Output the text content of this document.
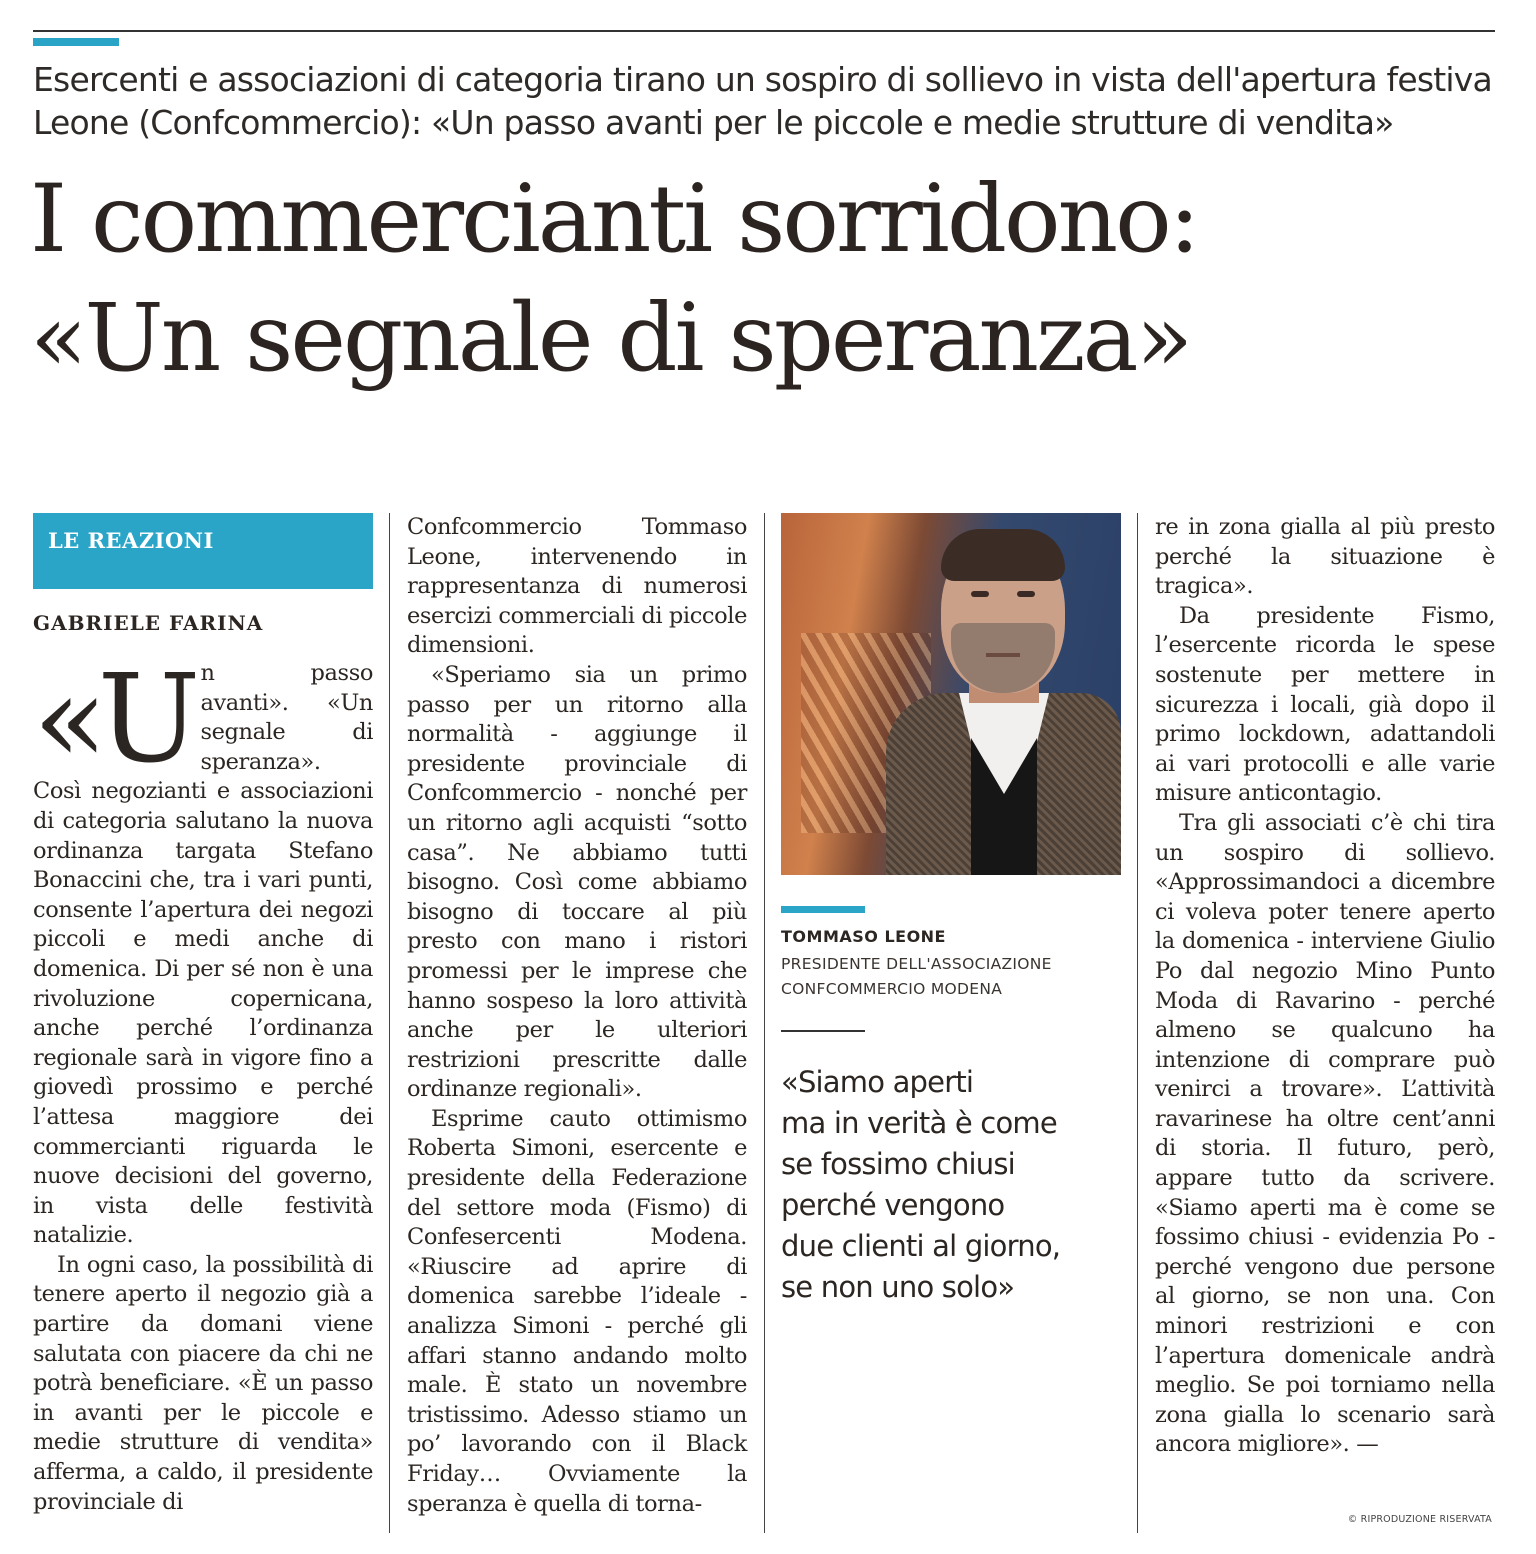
Esercenti e associazioni di categoria tirano un sospiro di sollievo in vista dell'apertura festiva
Leone (Confcommercio): «Un passo avanti per le piccole e medie strutture di vendita»
I commercianti sorridono:
«Un segnale di speranza»
LE REAZIONI
GABRIELE FARINA

«Un passo avanti». «Un segnale di speranza». Così negozianti e associazioni di categoria salutano la nuova ordinanza targata Stefano Bonaccini che, tra i vari punti, consente l’apertura dei negozi piccoli e medi anche di domenica. Di per sé non è una rivoluzione copernicana, anche perché l’ordinanza regionale sarà in vigore fino a giovedì prossimo e perché l’attesa maggiore dei commercianti riguarda le nuove decisioni del governo, in vista delle festività natalizie.

In ogni caso, la possibilità di tenere aperto il negozio già a partire da domani viene salutata con piacere da chi ne potrà beneficiare. «È un passo in avanti per le piccole e medie strutture di vendita» afferma, a caldo, il presidente provinciale di

Confcommercio Tommaso Leone, intervenendo in rappresentanza di numerosi esercizi commerciali di piccole dimensioni.

«Speriamo sia un primo passo per un ritorno alla normalità - aggiunge il presidente provinciale di Confcommercio - nonché per un ritorno agli acquisti “sotto casa”. Ne abbiamo tutti bisogno. Così come abbiamo bisogno di toccare al più presto con mano i ristori promessi per le imprese che hanno sospeso la loro attività anche per le ulteriori restrizioni prescritte dalle ordinanze regionali».

Esprime cauto ottimismo Roberta Simoni, esercente e presidente della Federazione del settore moda (Fismo) di Confesercenti Modena. «Riuscire ad aprire di domenica sarebbe l’ideale - analizza Simoni - perché gli affari stanno andando molto male. È stato un novembre tristissimo. Adesso stiamo un po’ lavorando con il Black Friday… Ovviamente la speranza è quella di torna-

TOMMASO LEONE
PRESIDENTE DELL'ASSOCIAZIONE
CONFCOMMERCIO MODENA
«Siamo aperti
ma in verità è come
se fossimo chiusi
perché vengono
due clienti al giorno,
se non uno solo»

re in zona gialla al più presto perché la situazione è tragica».

Da presidente Fismo, l’esercente ricorda le spese sostenute per mettere in sicurezza i locali, già dopo il primo lockdown, adattandoli ai vari protocolli e alle varie misure anticontagio.

Tra gli associati c’è chi tira un sospiro di sollievo. «Approssimandoci a dicembre ci voleva poter tenere aperto la domenica - interviene Giulio Po dal negozio Mino Punto Moda di Ravarino - perché almeno se qualcuno ha intenzione di comprare può venirci a trovare». L’attività ravarinese ha oltre cent’anni di storia. Il futuro, però, appare tutto da scrivere. «Siamo aperti ma è come se fossimo chiusi - evidenzia Po - perché vengono due persone al giorno, se non una. Con minori restrizioni e con l’apertura domenicale andrà meglio. Se poi torniamo nella zona gialla lo scenario sarà ancora migliore». —

© RIPRODUZIONE RISERVATA
